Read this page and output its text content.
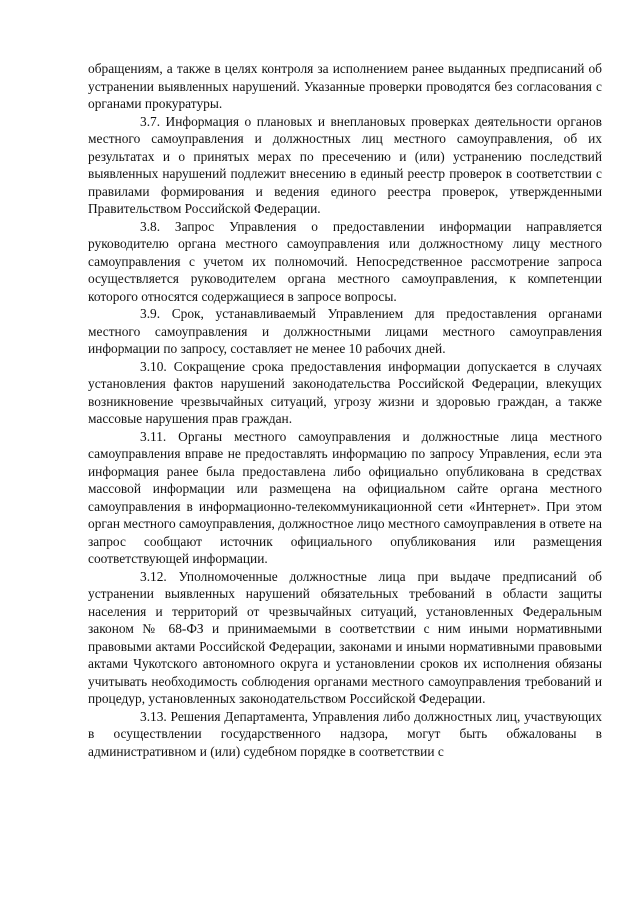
обращениям, а также в целях контроля за исполнением ранее выданных предписаний об устранении выявленных нарушений. Указанные проверки проводятся без согласования с органами прокуратуры.

3.7. Информация о плановых и внеплановых проверках деятельности органов местного самоуправления и должностных лиц местного самоуправления, об их результатах и о принятых мерах по пресечению и (или) устранению последствий выявленных нарушений подлежит внесению в единый реестр проверок в соответствии с правилами формирования и ведения единого реестра проверок, утвержденными Правительством Российской Федерации.

3.8. Запрос Управления о предоставлении информации направляется руководителю органа местного самоуправления или должностному лицу местного самоуправления с учетом их полномочий. Непосредственное рассмотрение запроса осуществляется руководителем органа местного самоуправления, к компетенции которого относятся содержащиеся в запросе вопросы.

3.9. Срок, устанавливаемый Управлением для предоставления органами местного самоуправления и должностными лицами местного самоуправления информации по запросу, составляет не менее 10 рабочих дней.

3.10. Сокращение срока предоставления информации допускается в случаях установления фактов нарушений законодательства Российской Федерации, влекущих возникновение чрезвычайных ситуаций, угрозу жизни и здоровью граждан, а также массовые нарушения прав граждан.

3.11. Органы местного самоуправления и должностные лица местного самоуправления вправе не предоставлять информацию по запросу Управления, если эта информация ранее была предоставлена либо официально опубликована в средствах массовой информации или размещена на официальном сайте органа местного самоуправления в информационно-телекоммуникационной сети «Интернет». При этом орган местного самоуправления, должностное лицо местного самоуправления в ответе на запрос сообщают источник официального опубликования или размещения соответствующей информации.

3.12. Уполномоченные должностные лица при выдаче предписаний об устранении выявленных нарушений обязательных требований в области защиты населения и территорий от чрезвычайных ситуаций, установленных Федеральным законом № 68-ФЗ и принимаемыми в соответствии с ним иными нормативными правовыми актами Российской Федерации, законами и иными нормативными правовыми актами Чукотского автономного округа и установлении сроков их исполнения обязаны учитывать необходимость соблюдения органами местного самоуправления требований и процедур, установленных законодательством Российской Федерации.

3.13. Решения Департамента, Управления либо должностных лиц, участвующих в осуществлении государственного надзора, могут быть обжалованы в административном и (или) судебном порядке в соответствии с
